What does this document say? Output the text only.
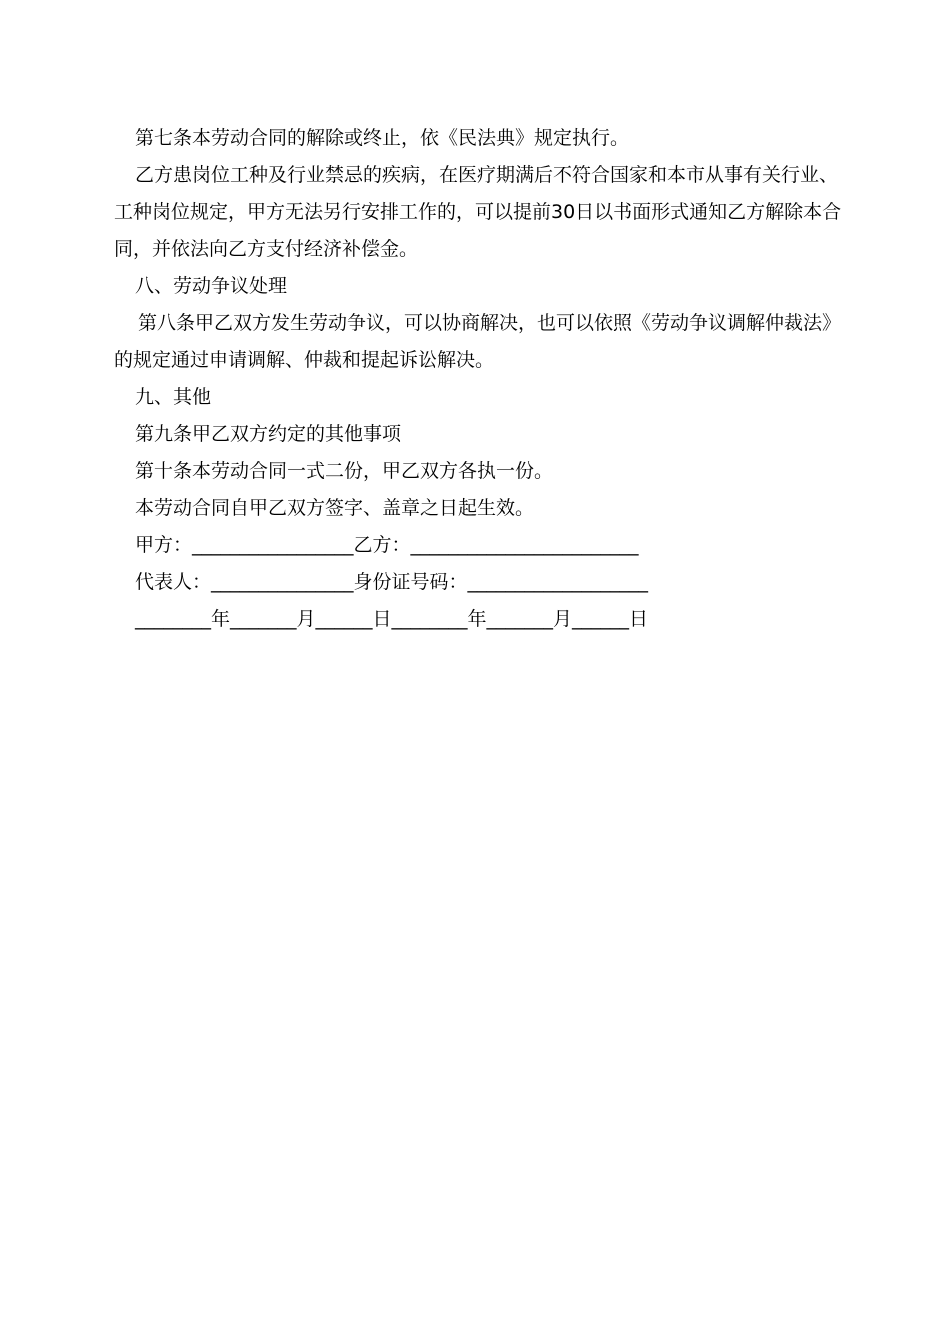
第七条本劳动合同的解除或终止，依《民法典》规定执行。

乙方患岗位工种及行业禁忌的疾病，在医疗期满后不符合国家和本市从事有关行业、工种岗位规定，甲方无法另行安排工作的，可以提前30日以书面形式通知乙方解除本合同，并依法向乙方支付经济补偿金。

八、劳动争议处理

第八条甲乙双方发生劳动争议，可以协商解决，也可以依照《劳动争议调解仲裁法》的规定通过申请调解、仲裁和提起诉讼解决。

九、其他

第九条甲乙双方约定的其他事项

第十条本劳动合同一式二份，甲乙双方各执一份。

本劳动合同自甲乙双方签字、盖章之日起生效。

甲方：_________________乙方：________________________

代表人：_______________身份证号码：___________________

________年_______月______日________年_______月______日
